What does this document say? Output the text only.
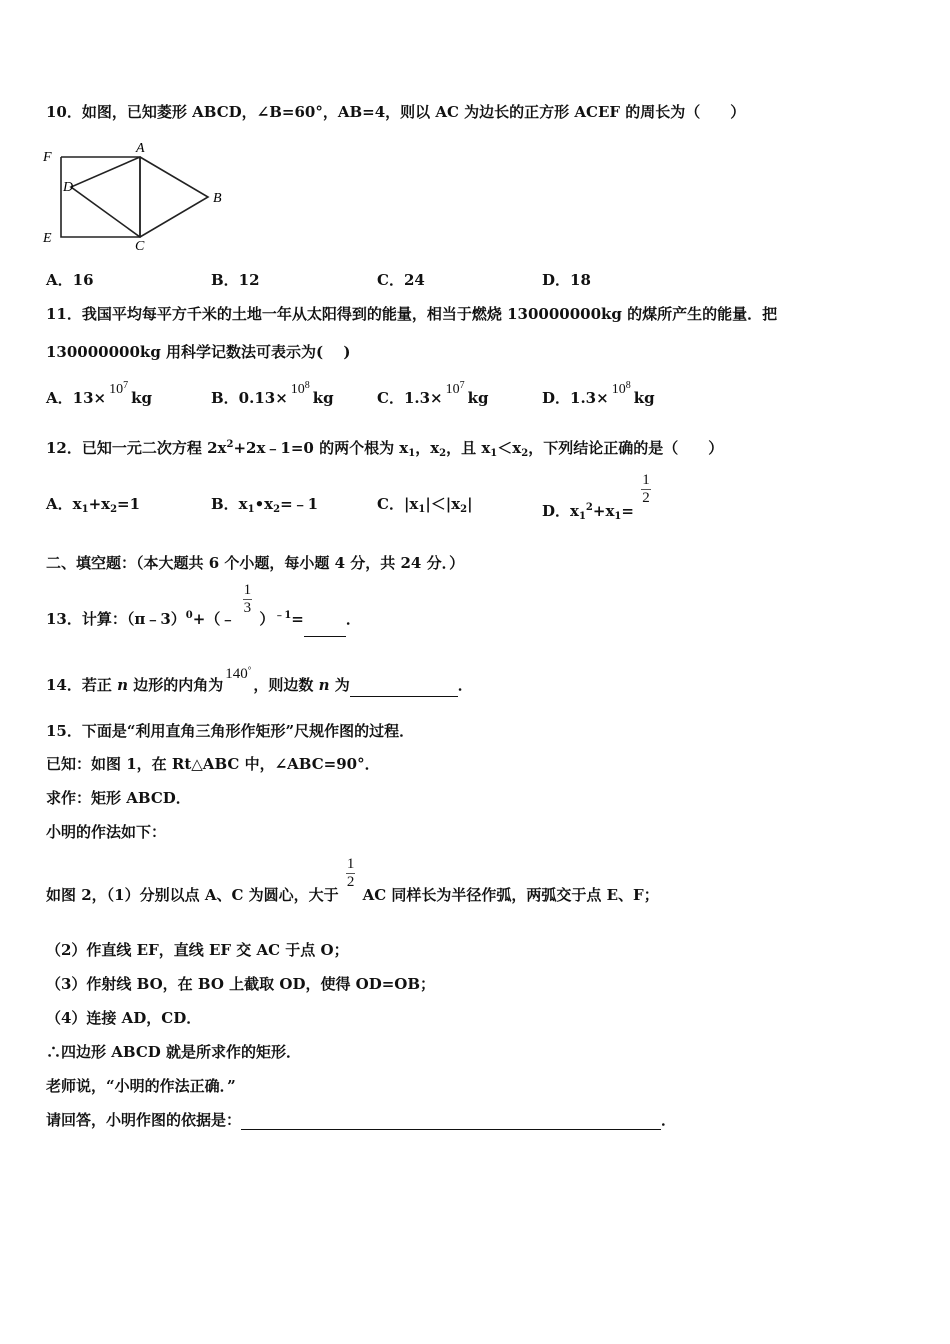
10．如图，已知菱形 ABCD，∠B=60°，AB=4，则以 AC 为边长的正方形 ACEF 的周长为（　　）
F
A
D
B
E
C
A．16	B．12	C．24	D．18
11．我国平均每平方千米的土地一年从太阳得到的能量，相当于燃烧 130000000kg 的煤所产生的能量．把
130000000kg 用科学记数法可表示为(　 )
A．$13\times 10^7kg$	B．$0.13\times 10^8kg$	C．$1.3\times 10^7kg$	D．$1.3\times 10^8kg$
12．已知一元二次方程 $2x^2+2x﹣1=0$ 的两个根为 $x_1$，$x_2$，且 $x_1<x_2$，下列结论正确的是（　　）
A．$x_1+x_2=1$	B．$x_1•x_2=﹣1$	C．$|x_1|<|x_2|$	D．$x_1^2+x_1=$
$\frac{1}{2}$
二、填空题：（本大题共 6 个小题，每小题 4 分，共 24 分．）
13．计算：（π﹣3）$^0$+（﹣
$\frac{1}{3}$
）$^{﹣1}$=	．
14．若正 n 边形的内角为140°，则边数 n 为	．
15．下面是“利用直角三角形作矩形”尺规作图的过程．
已知：如图 1，在 Rt△ABC 中，∠ABC=90°．
求作：矩形 ABCD．
小明的作法如下：
如图 2，（1）分别以点 A、C 为圆心，大于
$\frac{1}{2}$
AC 同样长为半径作弧，两弧交于点 E、F；
（2）作直线 EF，直线 EF 交 AC 于点 O；
（3）作射线 BO，在 BO 上截取 OD，使得 OD=OB；
（4）连接 AD，CD．
∴四边形 ABCD 就是所求作的矩形．
老师说，“小明的作法正确．”
请回答，小明作图的依据是：	．
